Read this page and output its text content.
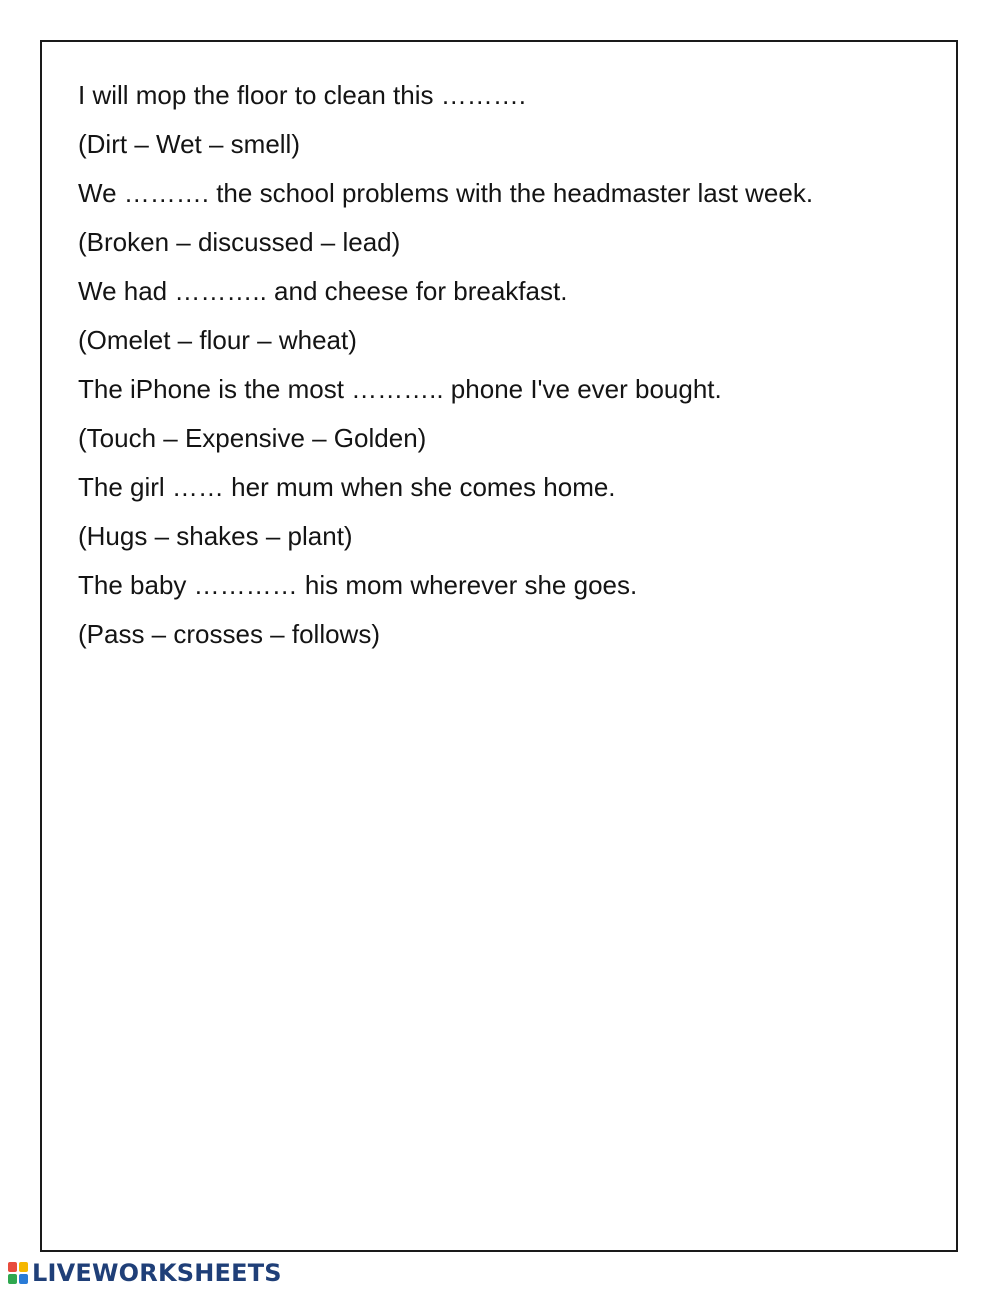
I will mop the floor to clean this ……….

(Dirt – Wet – smell)

We ………. the school problems with the headmaster last week.

(Broken – discussed – lead)

We had ……….. and cheese for breakfast.

(Omelet – flour – wheat)

The iPhone is the most ……….. phone I've ever bought.

(Touch – Expensive – Golden)

The girl …… her mum when she comes home.

(Hugs – shakes – plant)

The baby ………… his mom wherever she goes.

(Pass – crosses – follows)

LIVEWORKSHEETS
